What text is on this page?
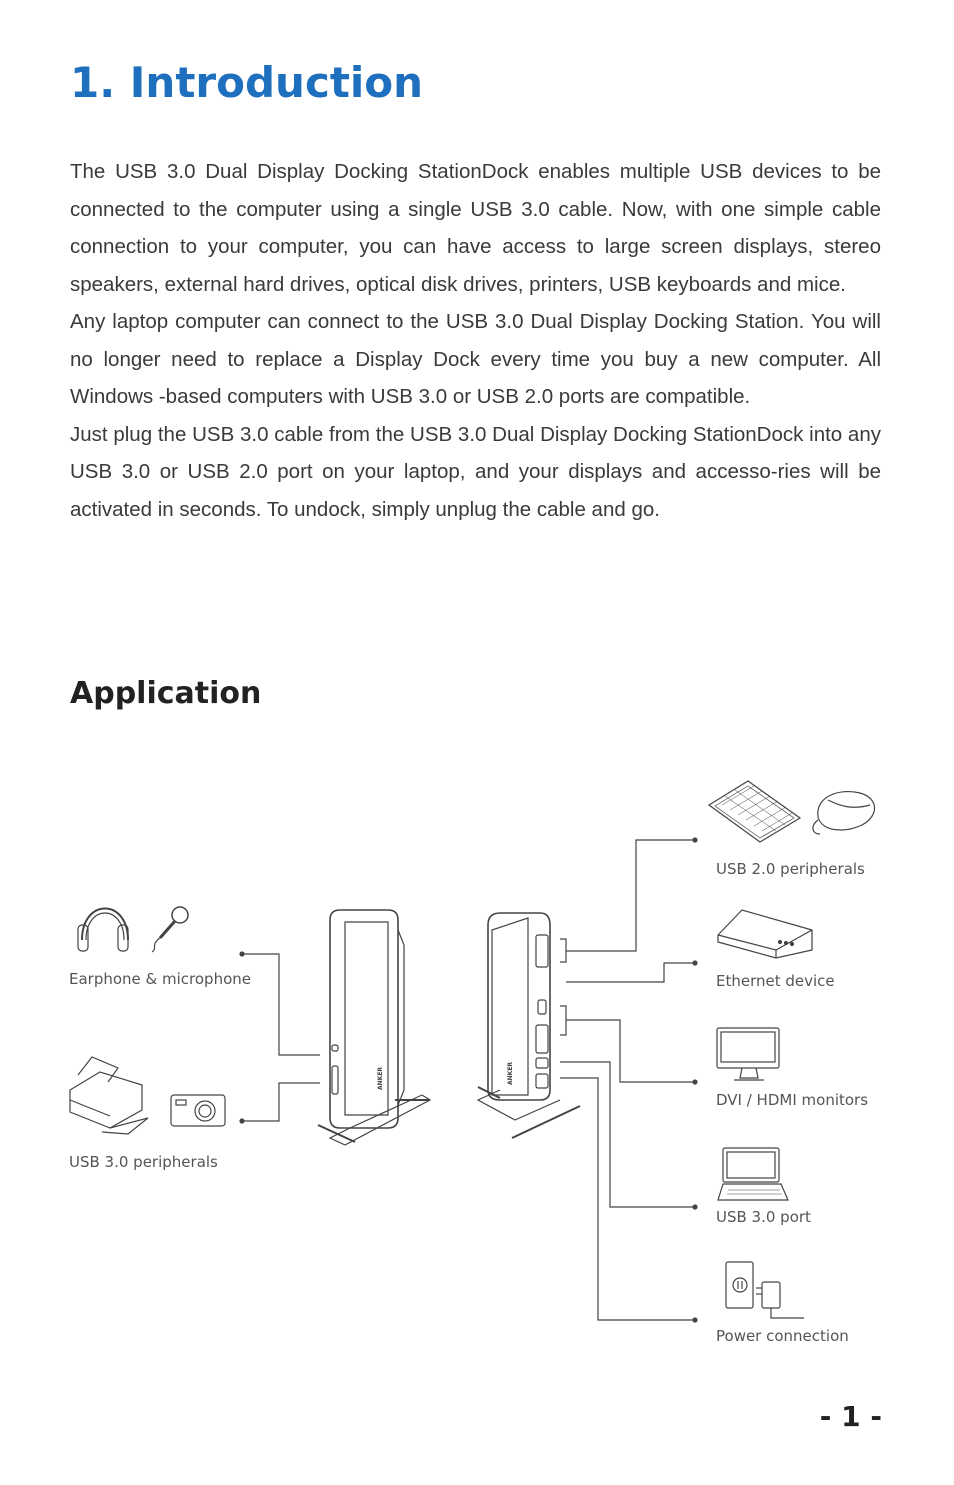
1. Introduction

The USB 3.0 Dual Display Docking StationDock enables multiple USB devices to be connected to the computer using a single USB 3.0 cable. Now, with one simple cable connection to your computer, you can have access to large screen displays, stereo speakers, external hard drives, optical disk drives, printers, USB keyboards and mice.

Any laptop computer can connect to the USB 3.0 Dual Display Docking Station. You will no longer need to replace a Display Dock every time you buy a new computer. All Windows -based computers with USB 3.0 or USB 2.0 ports are compatible.

Just plug the USB 3.0 cable from the USB 3.0 Dual Display Docking StationDock into any USB 3.0 or USB 2.0 port on your laptop, and your displays and accesso-ries will be activated in seconds. To undock, simply unplug the cable and go.

Application
ANKER	ANKER
Earphone & microphone
USB 3.0 peripherals
USB 2.0 peripherals
Ethernet device
DVI / HDMI monitors
USB 3.0 port
Power connection
- 1 -
